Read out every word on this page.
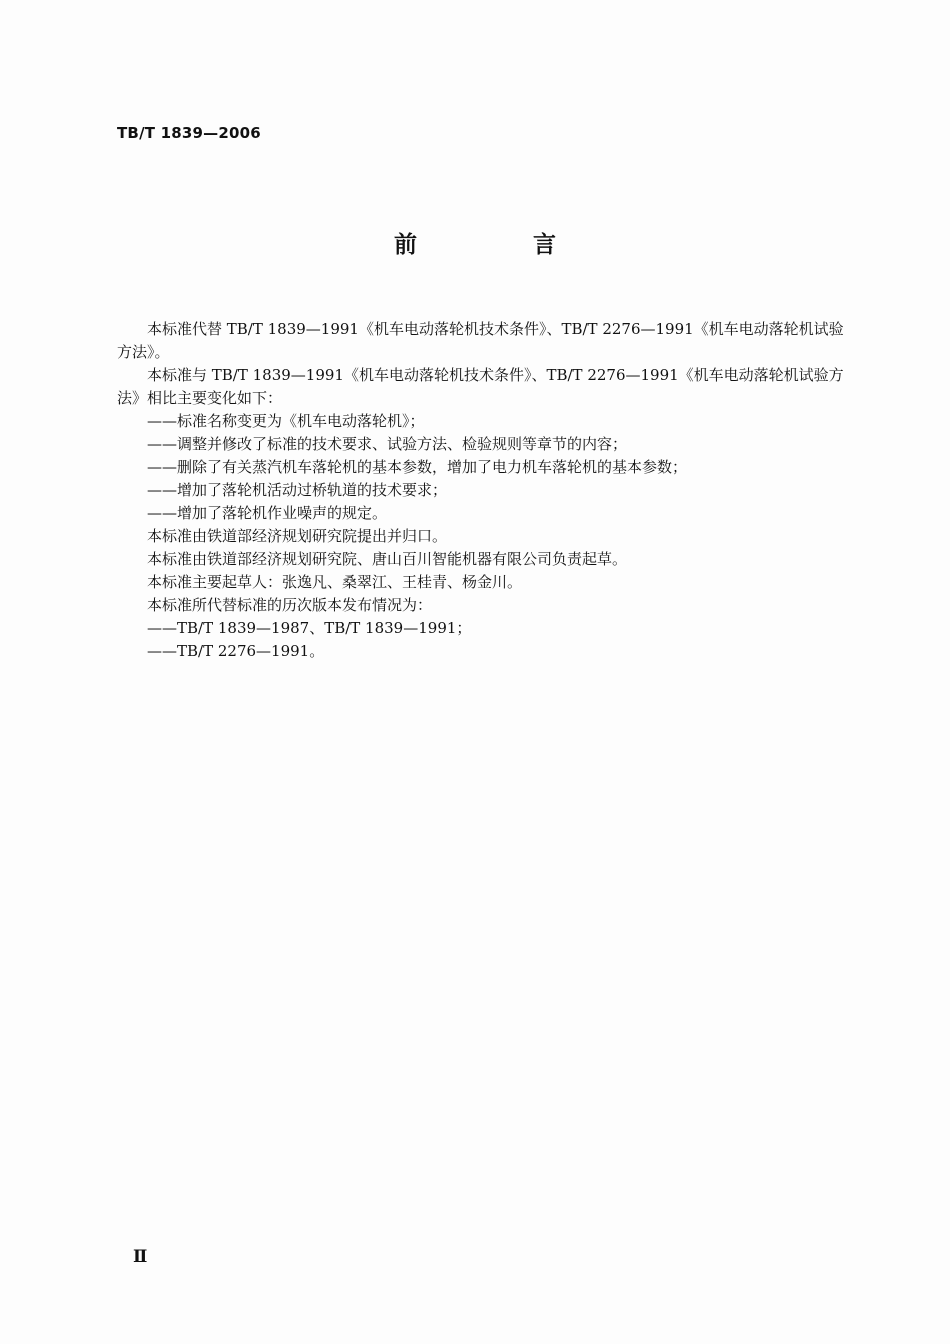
TB/T 1839—2006
前 言

本标准代替 TB/T 1839—1991《机车电动落轮机技术条件》、TB/T 2276—1991《机车电动落轮机试验方法》。

本标准与 TB/T 1839—1991《机车电动落轮机技术条件》、TB/T 2276—1991《机车电动落轮机试验方法》相比主要变化如下：

——标准名称变更为《机车电动落轮机》；

——调整并修改了标准的技术要求、试验方法、检验规则等章节的内容；

——删除了有关蒸汽机车落轮机的基本参数，增加了电力机车落轮机的基本参数；

——增加了落轮机活动过桥轨道的技术要求；

——增加了落轮机作业噪声的规定。

本标准由铁道部经济规划研究院提出并归口。

本标准由铁道部经济规划研究院、唐山百川智能机器有限公司负责起草。

本标准主要起草人：张逸凡、桑翠江、王桂青、杨金川。

本标准所代替标准的历次版本发布情况为：

——TB/T 1839—1987、TB/T 1839—1991；

——TB/T 2276—1991。

Ⅱ
